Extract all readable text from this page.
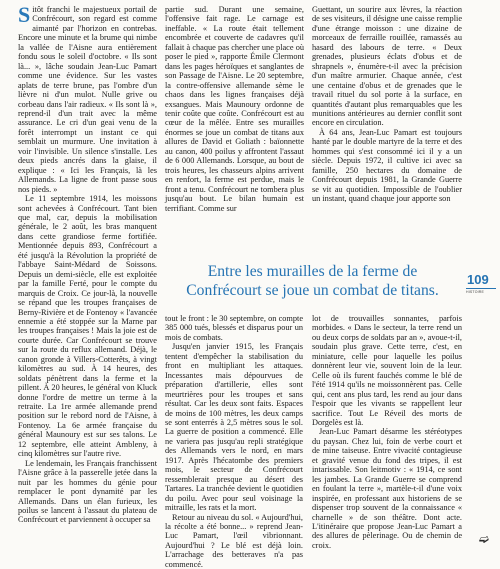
Sitôt franchi le majestueux portail de Confrécourt, son regard est comme aimanté par l'horizon en contrebas. Encore une minute et la brume qui nimbe la vallée de l'Aisne aura entièrement fondu sous le soleil d'octobre. « Ils sont là... », lâche soudain Jean-Luc Pamart comme une évidence. Sur les vastes aplats de terre brune, pas l'ombre d'un lièvre ni d'un mulot. Nulle grive ou corbeau dans l'air radieux. « Ils sont là », reprend-il d'un trait avec la même assurance. Le cri d'un geai venu de la forêt interrompt un instant ce qui semblait un murmure. Une invitation à voir l'invisible. Un silence s'installe. Les deux pieds ancrés dans la glaise, il explique : « Ici les Français, là les Allemands. La ligne de front passe sous nos pieds. »

Le 11 septembre 1914, les moissons sont achevées à Confrécourt. Tant bien que mal, car, depuis la mobilisation générale, le 2 août, les bras manquent dans cette grandiose ferme fortifiée. Mentionnée depuis 893, Confrécourt a été jusqu'à la Révolution la propriété de l'abbaye Saint-Médard de Soissons. Depuis un demi-siècle, elle est exploitée par la famille Ferté, pour le compte du marquis de Croix. Ce jour-là, la nouvelle se répand que les troupes françaises de Berny-Rivière et de Fontenoy « l'avancée ennemie a été stoppée sur la Marne par les troupes françaises ! Mais la joie est de courte durée. Car Confrécourt se trouve sur la route du reflux allemand. Déjà, le canon gronde à Villers-Cotterêts, à vingt kilomètres au sud. À 14 heures, des soldats pénètrent dans la ferme et la pillent. À 20 heures, le général von Kluck donne l'ordre de mettre un terme à la retraite. La 1re armée allemande prend position sur le rebord nord de l'Aisne, à Fontenoy. La 6e armée française du général Maunoury est sur ses talons. Le 12 septembre, elle atteint Ambleny, à cinq kilomètres sur l'autre rive.

Le lendemain, les Français franchissent l'Aisne grâce à la passerelle jetée dans la nuit par les hommes du génie pour remplacer le pont dynamité par les Allemands. Dans un élan furieux, les poilus se lancent à l'assaut du plateau de Confrécourt et parviennent à occuper sa

partie sud. Durant une semaine, l'offensive fait rage. Le carnage est ineffable. « La route était tellement encombrée et couverte de cadavres qu'il fallait à chaque pas chercher une place où poser le pied », rapporte Émile Clermont dans les pages héroïques et sanglantes de son Passage de l'Aisne. Le 20 septembre, la contre-offensive allemande sème le chaos dans les lignes françaises déjà exsangues. Mais Maunoury ordonne de tenir coûte que coûte. Confrécourt est au cœur de la mêlée. Entre ses murailles énormes se joue un combat de titans aux allures de David et Goliath : baïonnette au canon, 400 poilus y affrontent l'assaut de 6 000 Allemands. Lorsque, au bout de trois heures, les chasseurs alpins arrivent en renfort, la ferme est perdue, mais le front a tenu. Confrécourt ne tombera plus jusqu'au bout. Le bilan humain est terrifiant. Comme sur

Guettant, un sourire aux lèvres, la réaction de ses visiteurs, il désigne une caisse remplie d'une étrange moisson : une dizaine de morceaux de ferraille rouillée, ramassés au hasard des labours de terre. « Deux grenades, plusieurs éclats d'obus et de shrapnels », énumère-t-il avec la précision d'un maître armurier. Chaque année, c'est une centaine d'obus et de grenades que le travail rituel du sol porte à la surface, en quantités d'autant plus remarquables que les munitions antérieures au dernier conflit sont encore en circulation.

À 64 ans, Jean-Luc Pamart est toujours hanté par le double martyre de la terre et des hommes qui s'est consommé ici il y a un siècle. Depuis 1972, il cultive ici avec sa famille, 250 hectares du domaine de Confrécourt depuis 1981, la Grande Guerre se vit au quotidien. Impossible de l'oublier un instant, quand chaque jour apporte son

Entre les murailles de la ferme de Confrécourt se joue un combat de titans.
109
HISTOIRE

tout le front : le 30 septembre, on compte 385 000 tués, blessés et disparus pour un mois de combats.

Jusqu'en janvier 1915, les Français tentent d'empêcher la stabilisation du front en multipliant les attaques. Incessantes mais dépourvues de préparation d'artillerie, elles sont meurtrières pour les troupes et sans résultat. Car les deux sont faits. Espaces de moins de 100 mètres, les deux camps se sont enterrés à 2,5 mètres sous le sol. La guerre de position a commencé. Elle ne variera pas jusqu'au repli stratégique des Allemands vers le nord, en mars 1917. Après l'hécatombe des premiers mois, le secteur de Confrécourt ressemblerait presque au désert des Tartares. La tranchée devient le quotidien du poilu. Avec pour seul voisinage la mitraille, les rats et la mort.

Retour au niveau du sol. « Aujourd'hui, la récolte a été bonne... » reprend Jean-Luc Pamart, l'œil vibrionnant. Aujourd'hui ? Le blé est déjà loin. L'arrachage des betteraves n'a pas commencé.

lot de trouvailles sonnantes, parfois morbides. « Dans le secteur, la terre rend un ou deux corps de soldats par an », avoue-t-il, soudain plus grave. Cette terre, c'est, en miniature, celle pour laquelle les poilus donnèrent leur vie, souvent loin de la leur. Celle où ils furent fauchés comme le blé de l'été 1914 qu'ils ne moissonnèrent pas. Celle qui, cent ans plus tard, les rend au jour dans l'espoir que les vivants se rappellent leur sacrifice. Tout Le Réveil des morts de Dorgelès est là.

Jean-Luc Pamart désarme les stéréotypes du paysan. Chez lui, foin de verbe court et de mine taiseuse. Entre vivacité contagieuse et gravité venue du fond des tripes, il est intarissable. Son leitmotiv : « 1914, ce sont les jambes. La Grande Guerre se comprend en foulant la terre », martèle-t-il d'une voix inspirée, en professant aux historiens de se dispenser trop souvent de la connaissance « charnelle » de son théâtre. Dont acte. L'itinéraire que propose Jean-Luc Pamart a des allures de pèlerinage. Ou de chemin de croix.	➫
